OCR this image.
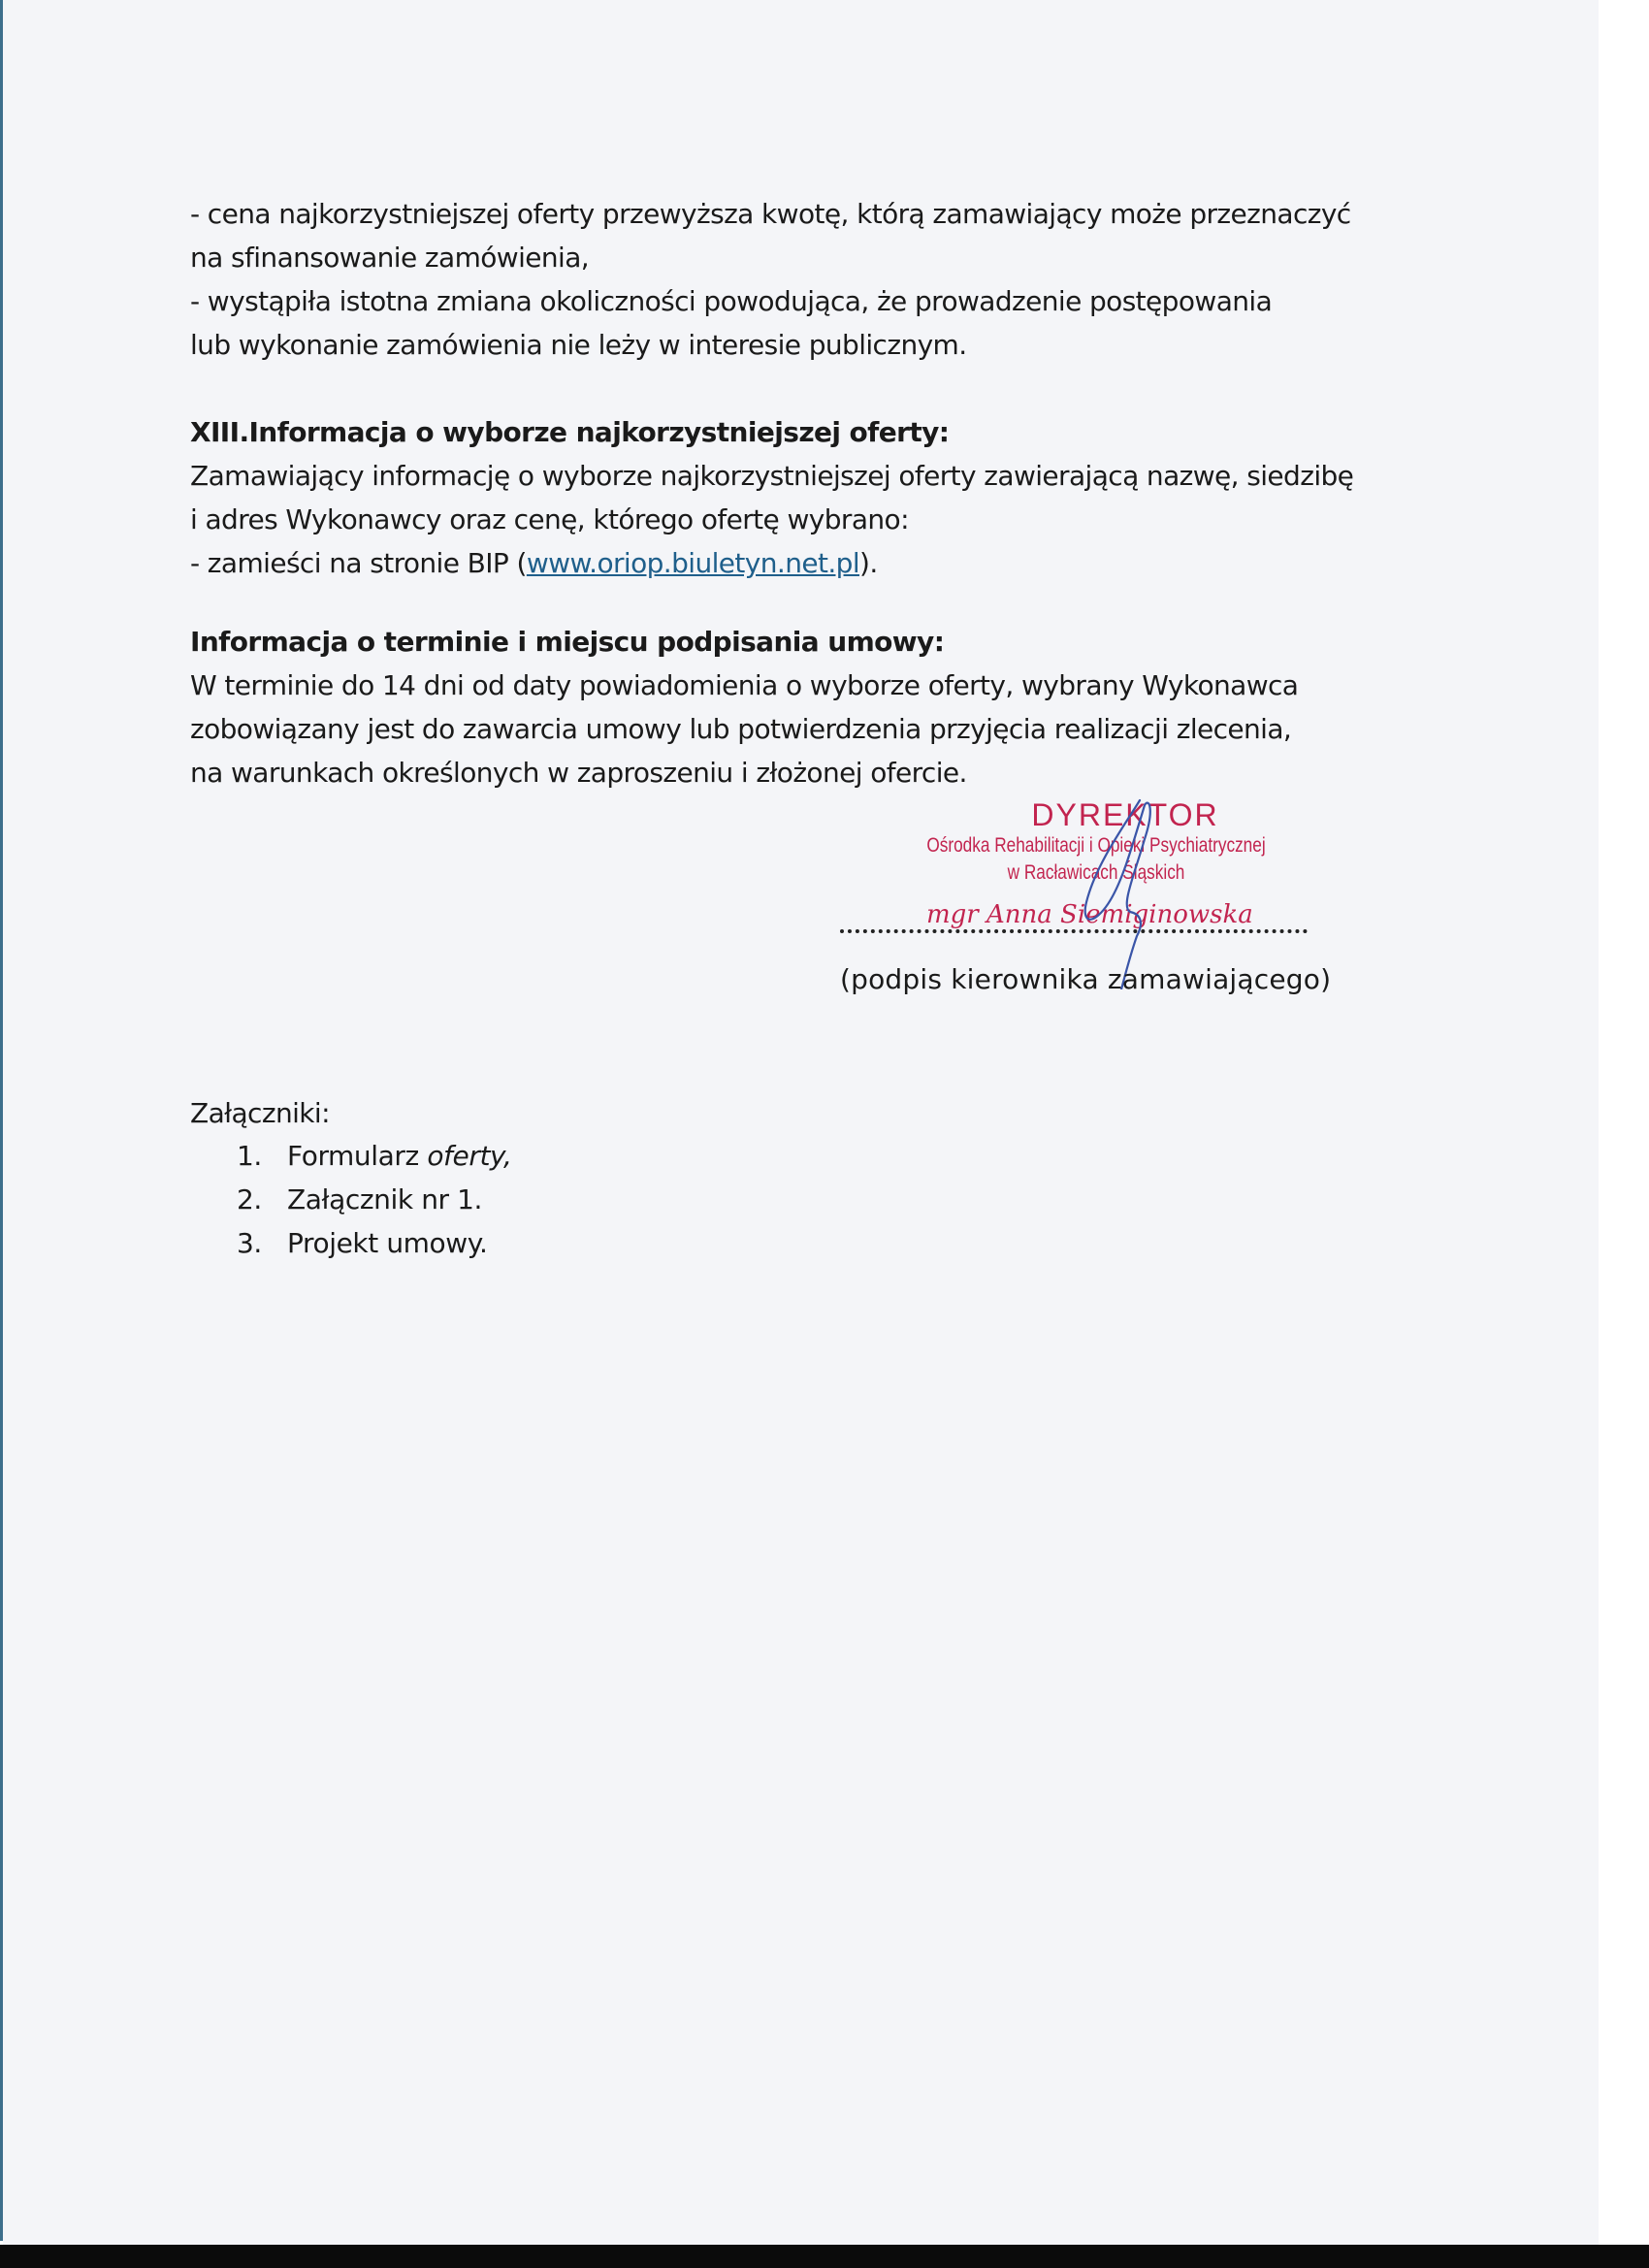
- cena najkorzystniejszej oferty przewyższa kwotę, którą zamawiający może przeznaczyć
na sfinansowanie zamówienia,
- wystąpiła istotna zmiana okoliczności powodująca, że prowadzenie postępowania
lub wykonanie zamówienia nie leży w interesie publicznym.
XIII.Informacja o wyborze najkorzystniejszej oferty:
Zamawiający informację o wyborze najkorzystniejszej oferty zawierającą nazwę, siedzibę
i adres Wykonawcy oraz cenę, którego ofertę wybrano:
- zamieści na stronie BIP (www.oriop.biuletyn.net.pl).
Informacja o terminie i miejscu podpisania umowy:
W terminie do 14 dni od daty powiadomienia o wyborze oferty, wybrany Wykonawca
zobowiązany jest do zawarcia umowy lub potwierdzenia przyjęcia realizacji zlecenia,
na warunkach określonych w zaproszeniu i złożonej ofercie.
DYREKTOR
Ośrodka Rehabilitacji i Opieki Psychiatrycznej
w Racławicach Śląskich
mgr Anna Siemiginowska
(podpis kierownika zamawiającego)
Załączniki:
1. Formularz oferty,
2. Załącznik nr 1.
3. Projekt umowy.
